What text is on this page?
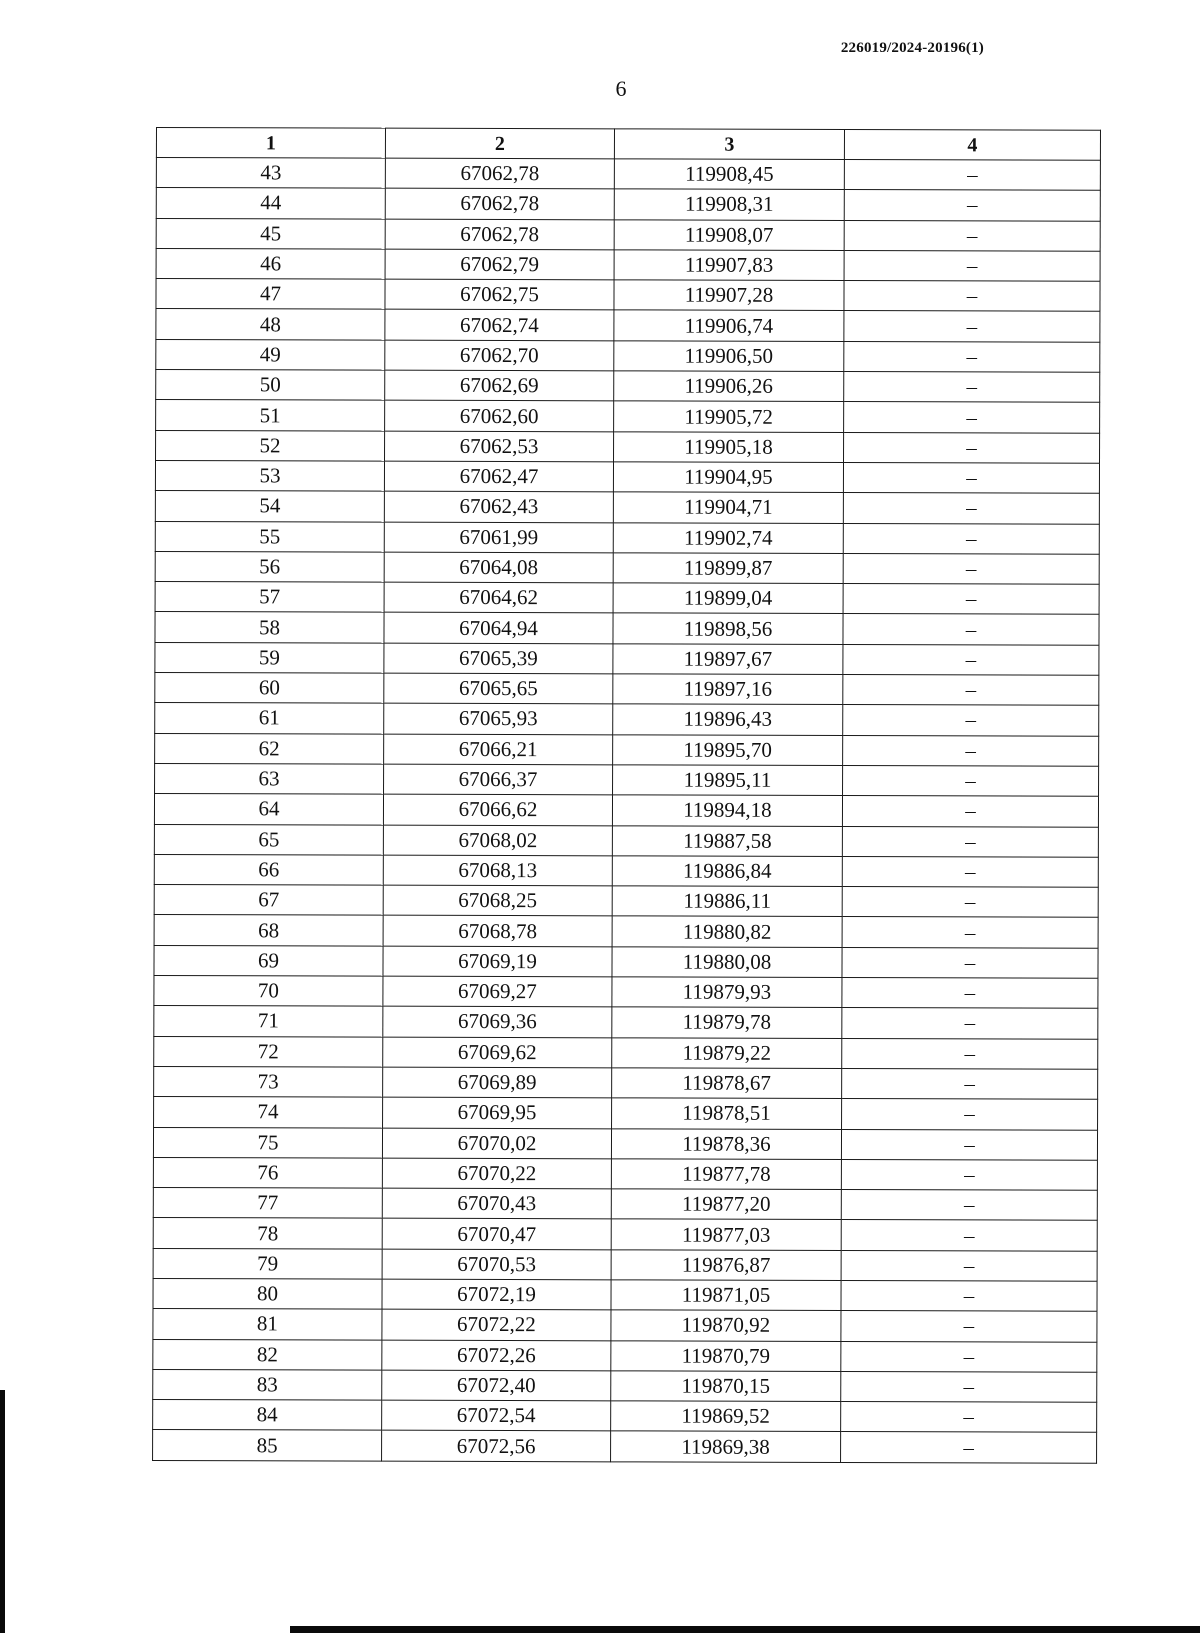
226019/2024-20196(1)
6
1	2	3	4
43	67062,78	119908,45	–
44	67062,78	119908,31	–
45	67062,78	119908,07	–
46	67062,79	119907,83	–
47	67062,75	119907,28	–
48	67062,74	119906,74	–
49	67062,70	119906,50	–
50	67062,69	119906,26	–
51	67062,60	119905,72	–
52	67062,53	119905,18	–
53	67062,47	119904,95	–
54	67062,43	119904,71	–
55	67061,99	119902,74	–
56	67064,08	119899,87	–
57	67064,62	119899,04	–
58	67064,94	119898,56	–
59	67065,39	119897,67	–
60	67065,65	119897,16	–
61	67065,93	119896,43	–
62	67066,21	119895,70	–
63	67066,37	119895,11	–
64	67066,62	119894,18	–
65	67068,02	119887,58	–
66	67068,13	119886,84	–
67	67068,25	119886,11	–
68	67068,78	119880,82	–
69	67069,19	119880,08	–
70	67069,27	119879,93	–
71	67069,36	119879,78	–
72	67069,62	119879,22	–
73	67069,89	119878,67	–
74	67069,95	119878,51	–
75	67070,02	119878,36	–
76	67070,22	119877,78	–
77	67070,43	119877,20	–
78	67070,47	119877,03	–
79	67070,53	119876,87	–
80	67072,19	119871,05	–
81	67072,22	119870,92	–
82	67072,26	119870,79	–
83	67072,40	119870,15	–
84	67072,54	119869,52	–
85	67072,56	119869,38	–
